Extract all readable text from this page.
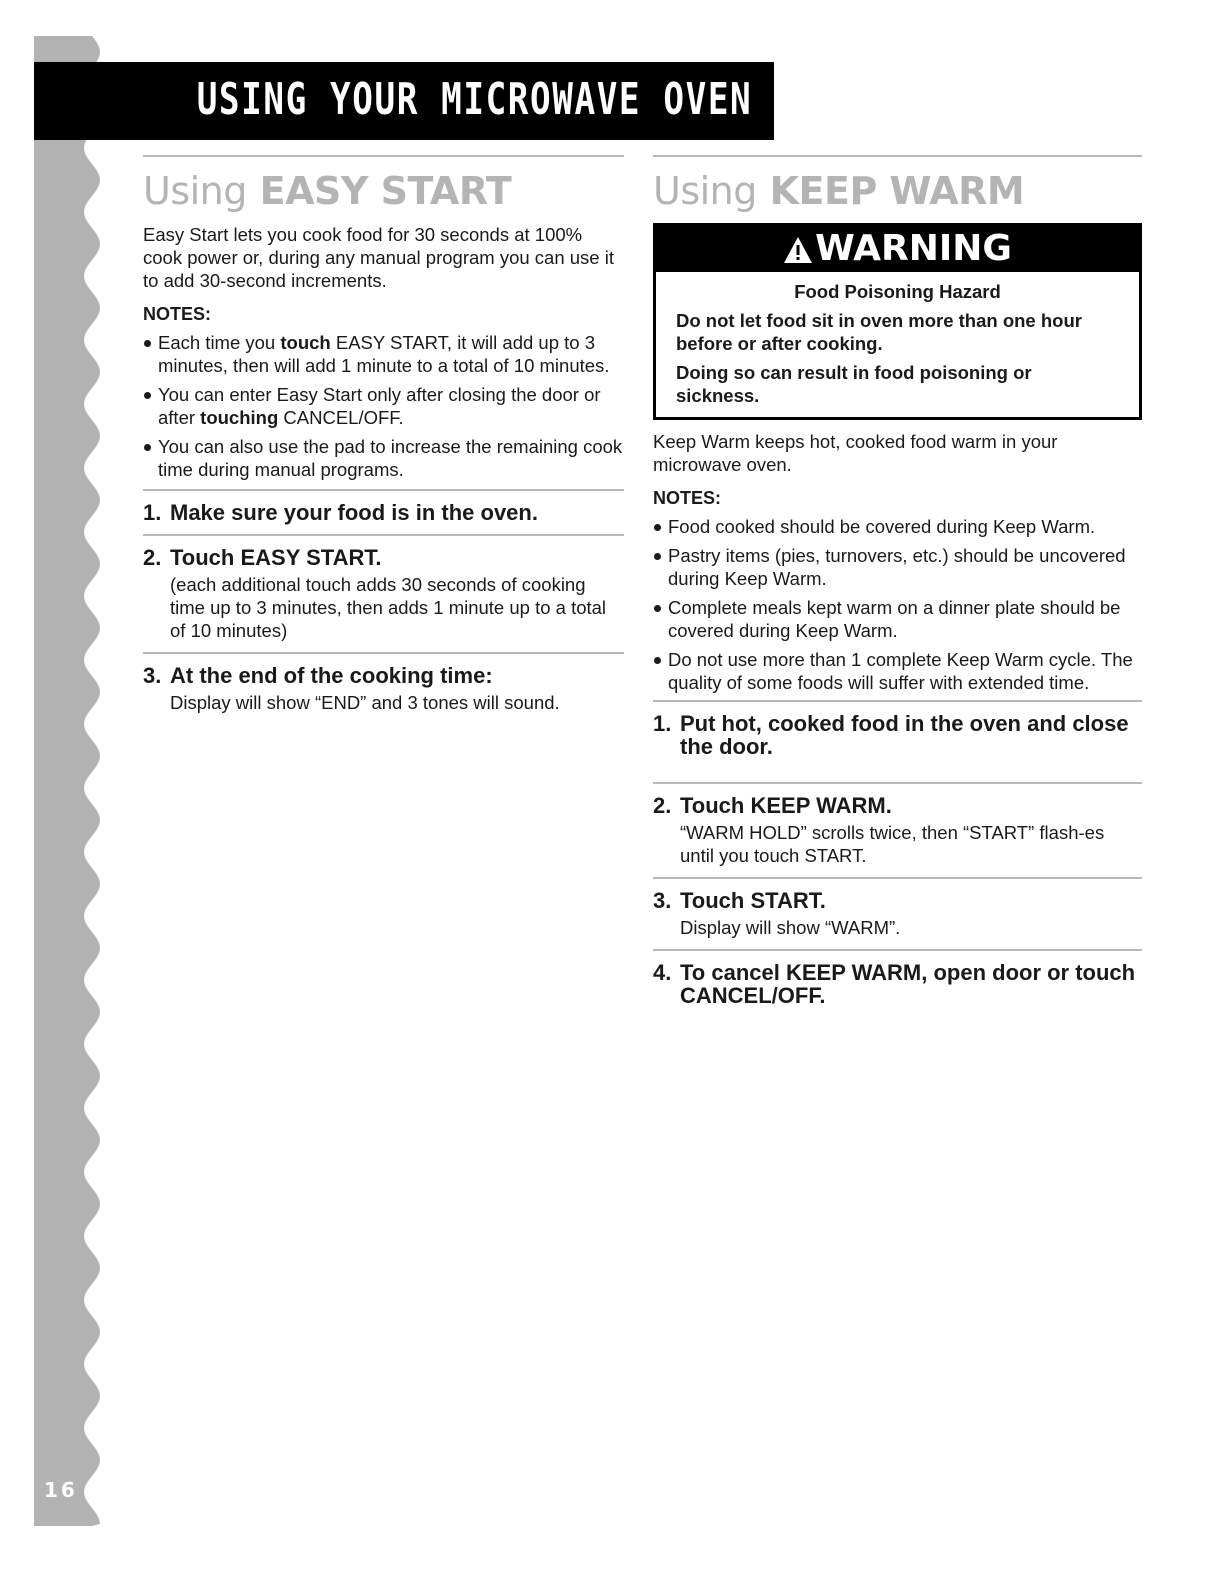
16
USING YOUR MICROWAVE OVEN
Using EASY START

Easy Start lets you cook food for 30 seconds at 100% cook power or, during any manual program you can use it to add 30-second increments.

NOTES:
Each time you touch EASY START, it will add up to 3 minutes, then will add 1 minute to a total of 10 minutes.
You can enter Easy Start only after closing the door or after touching CANCEL/OFF.
You can also use the pad to increase the remaining cook time during manual programs.
1. Make sure your food is in the oven.
2. Touch EASY START.
(each additional touch adds 30 seconds of cooking time up to 3 minutes, then adds 1 minute up to a total of 10 minutes)
3. At the end of the cooking time:
Display will show “END” and 3 tones will sound.
Using KEEP WARM
WARNING
Food Poisoning Hazard
Do not let food sit in oven more than one hour before or after cooking.
Doing so can result in food poisoning or sickness.

Keep Warm keeps hot, cooked food warm in your microwave oven.

NOTES:
Food cooked should be covered during Keep Warm.
Pastry items (pies, turnovers, etc.) should be uncovered during Keep Warm.
Complete meals kept warm on a dinner plate should be covered during Keep Warm.
Do not use more than 1 complete Keep Warm cycle. The quality of some foods will suffer with extended time.
1. Put hot, cooked food in the oven and close the door.
2. Touch KEEP WARM.
“WARM HOLD” scrolls twice, then “START” flash-es until you touch START.
3. Touch START.
Display will show “WARM”.
4. To cancel KEEP WARM, open door or touch CANCEL/OFF.
